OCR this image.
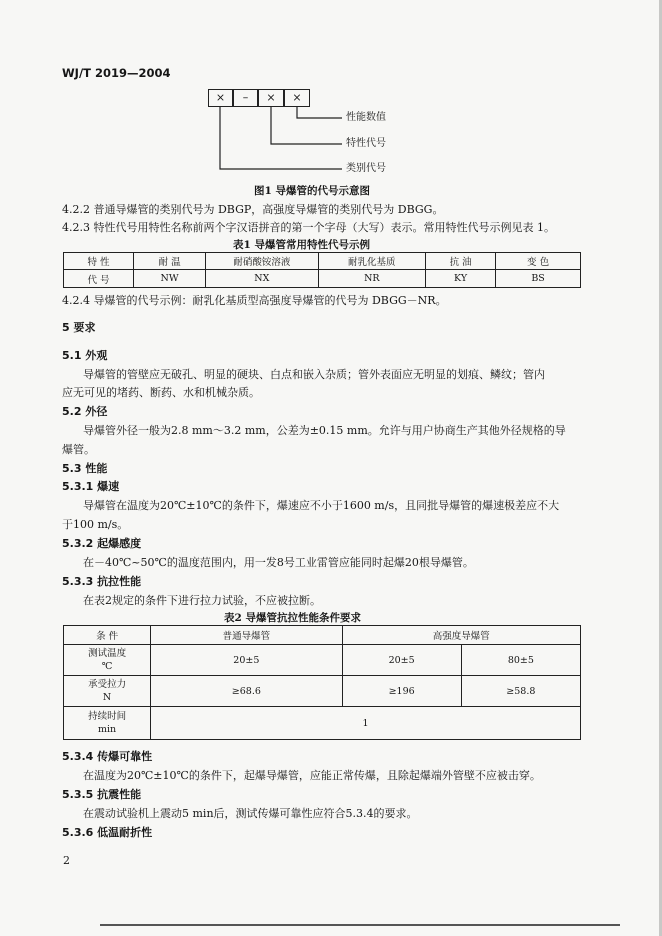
WJ/T 2019—2004
×	–	×	×
性能数值
特性代号
类别代号
图1 导爆管的代号示意图
4.2.2 普通导爆管的类别代号为 DBGP，高强度导爆管的类别代号为 DBGG。
4.2.3 特性代号用特性名称前两个字汉语拼音的第一个字母（大写）表示。常用特性代号示例见表 1。
表1 导爆管常用特性代号示例
特 性	耐 温	耐硝酸铵溶液	耐乳化基质	抗 油	变 色
代 号	NW	NX	NR	KY	BS
4.2.4 导爆管的代号示例：耐乳化基质型高强度导爆管的代号为 DBGG－NR。
5 要求
5.1 外观
导爆管的管壁应无破孔、明显的硬块、白点和嵌入杂质；管外表面应无明显的划痕、鳞纹；管内
应无可见的堵药、断药、水和机械杂质。
5.2 外径
导爆管外径一般为2.8 mm～3.2 mm，公差为±0.15 mm。允许与用户协商生产其他外径规格的导
爆管。
5.3 性能
5.3.1 爆速
导爆管在温度为20℃±10℃的条件下，爆速应不小于1600 m/s，且同批导爆管的爆速极差应不大
于100 m/s。
5.3.2 起爆感度
在－40℃~50℃的温度范围内，用一发8号工业雷管应能同时起爆20根导爆管。
5.3.3 抗拉性能
在表2规定的条件下进行拉力试验，不应被拉断。
表2 导爆管抗拉性能条件要求
条 件	普通导爆管	高强度导爆管	

测试温度
℃	20±5	20±5	80±5

承受拉力
N	≥68.6	≥196	≥58.8

持续时间
min	1		
5.3.4 传爆可靠性
在温度为20℃±10℃的条件下，起爆导爆管，应能正常传爆，且除起爆端外管壁不应被击穿。
5.3.5 抗震性能
在震动试验机上震动5 min后，测试传爆可靠性应符合5.3.4的要求。
5.3.6 低温耐折性
2
